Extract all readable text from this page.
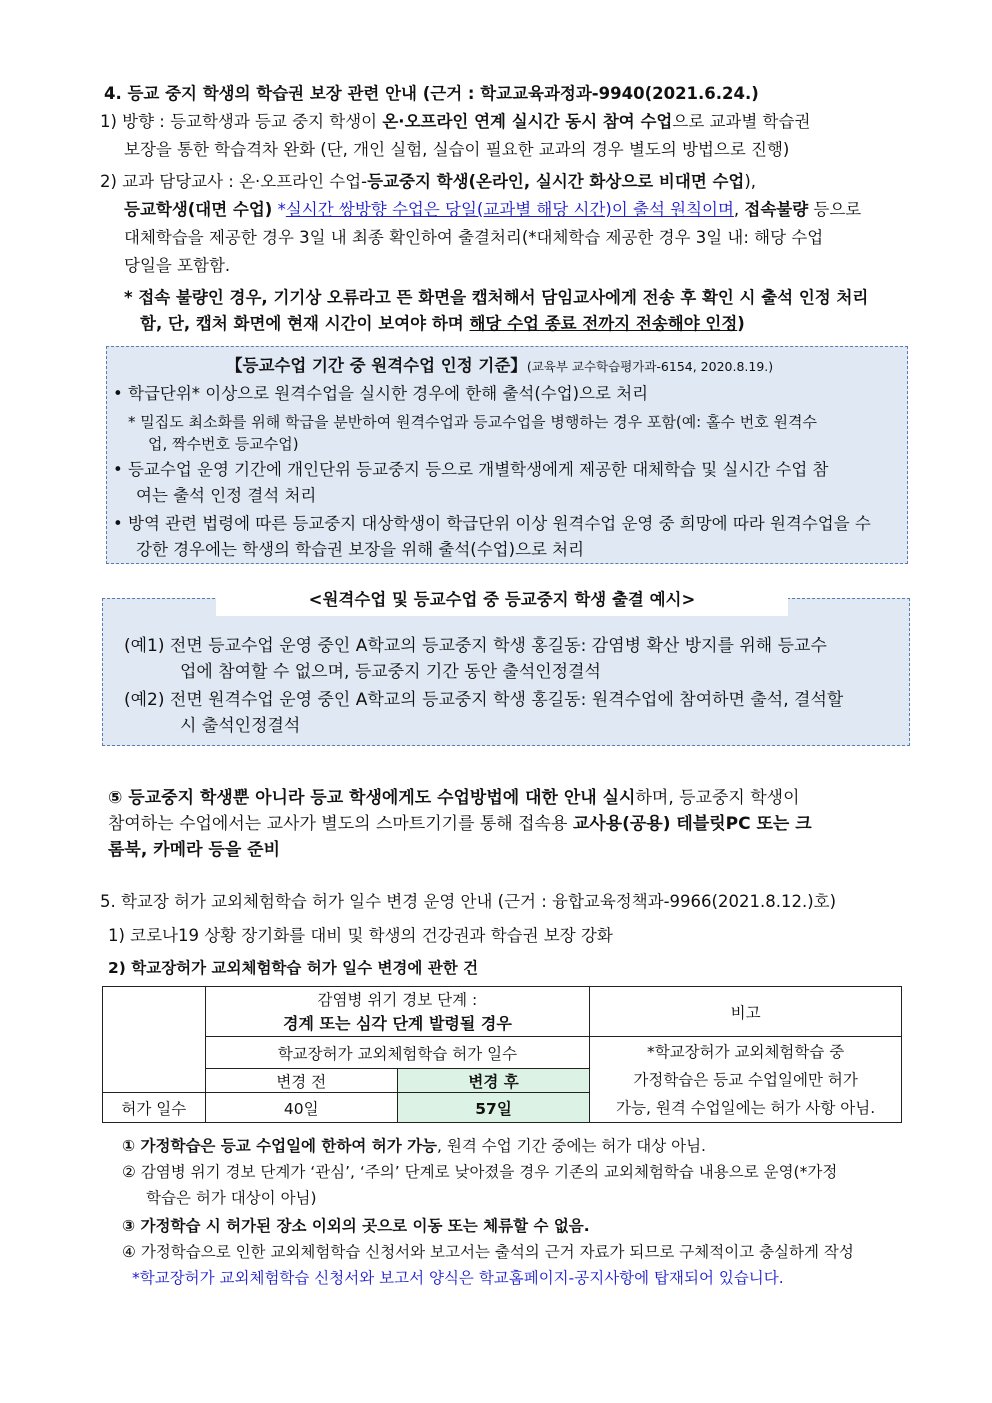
4. 등교 중지 학생의 학습권 보장 관련 안내 (근거 : 학교교육과정과-9940(2021.6.24.)
1) 방향 : 등교학생과 등교 중지 학생이 온·오프라인 연계 실시간 동시 참여 수업으로 교과별 학습권
보장을 통한 학습격차 완화 (단, 개인 실험, 실습이 필요한 교과의 경우 별도의 방법으로 진행)
2) 교과 담당교사 : 온·오프라인 수업-등교중지 학생(온라인, 실시간 화상으로 비대면 수업),
등교학생(대면 수업) *실시간 쌍방향 수업은 당일(교과별 해당 시간)이 출석 원칙이며, 접속불량 등으로
대체학습을 제공한 경우 3일 내 최종 확인하여 출결처리(*대체학습 제공한 경우 3일 내: 해당 수업
당일을 포함함.
* 접속 불량인 경우, 기기상 오류라고 뜬 화면을 캡처해서 담임교사에게 전송 후 확인 시 출석 인정 처리
함, 단, 캡처 화면에 현재 시간이 보여야 하며 해당 수업 종료 전까지 전송해야 인정)
【등교수업 기간 중 원격수업 인정 기준】(교육부 교수학습평가과-6154, 2020.8.19.)
• 학급단위* 이상으로 원격수업을 실시한 경우에 한해 출석(수업)으로 처리
* 밀집도 최소화를 위해 학급을 분반하여 원격수업과 등교수업을 병행하는 경우 포함(예: 홀수 번호 원격수
업, 짝수번호 등교수업)
• 등교수업 운영 기간에 개인단위 등교중지 등으로 개별학생에게 제공한 대체학습 및 실시간 수업 참
여는 출석 인정 결석 처리
• 방역 관련 법령에 따른 등교중지 대상학생이 학급단위 이상 원격수업 운영 중 희망에 따라 원격수업을 수
강한 경우에는 학생의 학습권 보장을 위해 출석(수업)으로 처리
<원격수업 및 등교수업 중 등교중지 학생 출결 예시>
(예1) 전면 등교수업 운영 중인 A학교의 등교중지 학생 홍길동: 감염병 확산 방지를 위해 등교수
업에 참여할 수 없으며, 등교중지 기간 동안 출석인정결석
(예2) 전면 원격수업 운영 중인 A학교의 등교중지 학생 홍길동: 원격수업에 참여하면 출석, 결석할
시 출석인정결석
⑤ 등교중지 학생뿐 아니라 등교 학생에게도 수업방법에 대한 안내 실시하며, 등교중지 학생이
참여하는 수업에서는 교사가 별도의 스마트기기를 통해 접속용 교사용(공용) 테블릿PC 또는 크
롬북, 카메라 등을 준비
5. 학교장 허가 교외체험학습 허가 일수 변경 운영 안내 (근거 : 융합교육정책과-9966(2021.8.12.)호)
1) 코로나19 상황 장기화를 대비 및 학생의 건강권과 학습권 보장 강화
2) 학교장허가 교외체험학습 허가 일수 변경에 관한 건

	감염병 위기 경보 단계 :
경계 또는 심각 단계 발령될 경우		비고
	학교장허가 교외체험학습 허가 일수		*학교장허가 교외체험학습 중
가정학습은 등교 수업일에만 허가
가능, 원격 수업일에는 허가 사항 아님.

	변경 전	변경 후	
허가 일수	40일	57일	
① 가정학습은 등교 수업일에 한하여 허가 가능, 원격 수업 기간 중에는 허가 대상 아님.
② 감염병 위기 경보 단계가 ‘관심’, ‘주의’ 단계로 낮아졌을 경우 기존의 교외체험학습 내용으로 운영(*가정
학습은 허가 대상이 아님)
③ 가정학습 시 허가된 장소 이외의 곳으로 이동 또는 체류할 수 없음.
④ 가정학습으로 인한 교외체험학습 신청서와 보고서는 출석의 근거 자료가 되므로 구체적이고 충실하게 작성
*학교장허가 교외체험학습 신청서와 보고서 양식은 학교홈페이지-공지사항에 탑재되어 있습니다.
